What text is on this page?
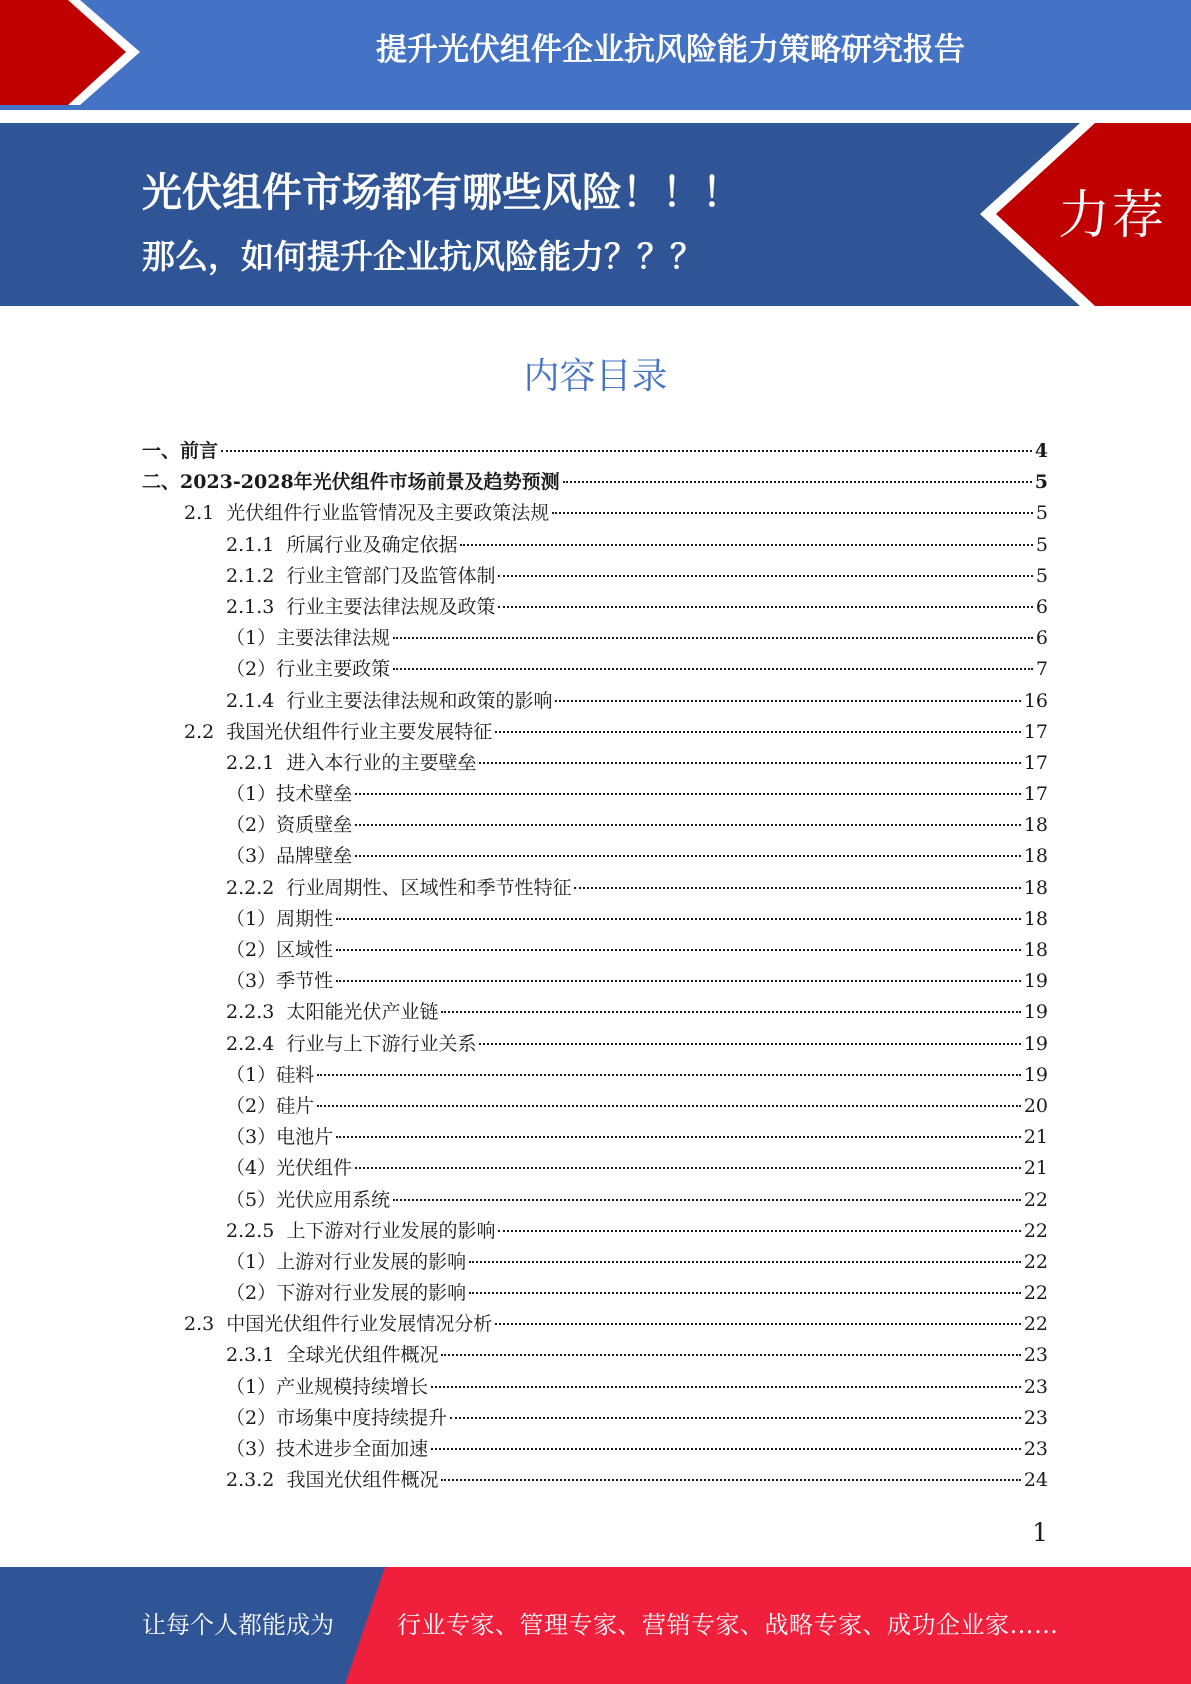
提升光伏组件企业抗风险能力策略研究报告
光伏组件市场都有哪些风险！！！
那么，如何提升企业抗风险能力？？？
力荐
内容目录
一、 前言	4
二、 2023-2028年光伏组件市场前景及趋势预测	5
2.1 光伏组件行业监管情况及主要政策法规	5
2.1.1 所属行业及确定依据	5
2.1.2 行业主管部门及监管体制	5
2.1.3 行业主要法律法规及政策	6
（1） 主要法律法规	6
（2） 行业主要政策	7
2.1.4 行业主要法律法规和政策的影响	16
2.2 我国光伏组件行业主要发展特征	17
2.2.1 进入本行业的主要壁垒	17
（1） 技术壁垒	17
（2） 资质壁垒	18
（3） 品牌壁垒	18
2.2.2 行业周期性、区域性和季节性特征	18
（1） 周期性	18
（2） 区域性	18
（3） 季节性	19
2.2.3 太阳能光伏产业链	19
2.2.4 行业与上下游行业关系	19
（1） 硅料	19
（2） 硅片	20
（3） 电池片	21
（4） 光伏组件	21
（5） 光伏应用系统	22
2.2.5 上下游对行业发展的影响	22
（1） 上游对行业发展的影响	22
（2） 下游对行业发展的影响	22
2.3 中国光伏组件行业发展情况分析	22
2.3.1 全球光伏组件概况	23
（1） 产业规模持续增长	23
（2） 市场集中度持续提升	23
（3） 技术进步全面加速	23
2.3.2 我国光伏组件概况	24
1
让每个人都能成为	行业专家、管理专家、营销专家、战略专家、成功企业家……
